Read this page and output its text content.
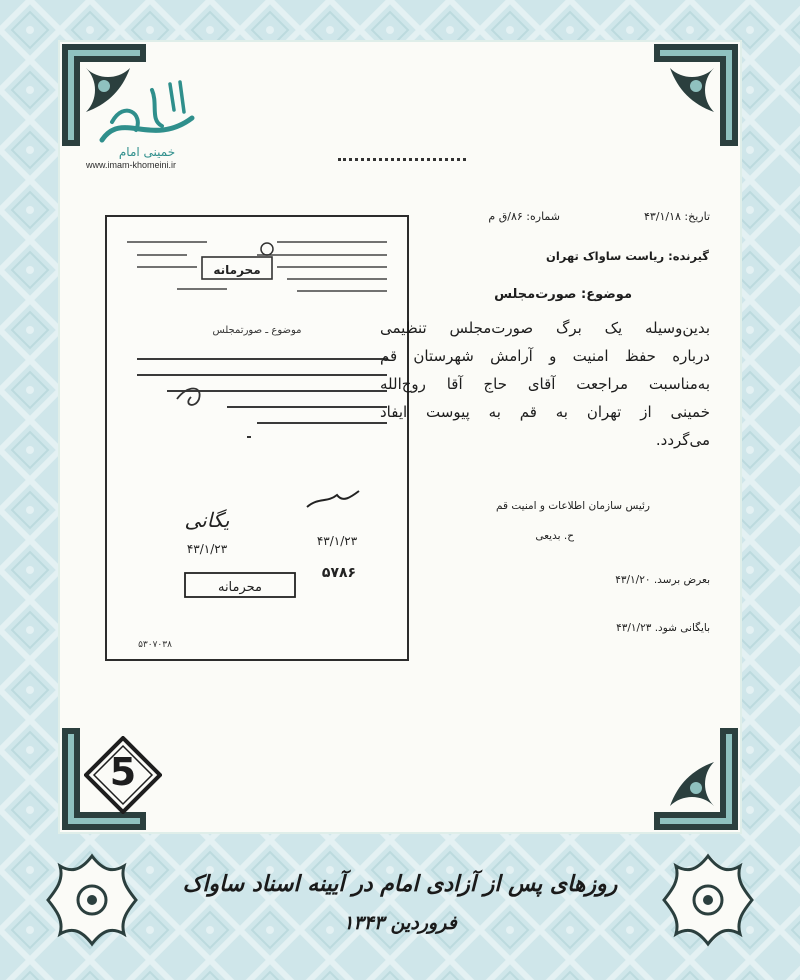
خمینی امام
www.imam-khomeini.ir
محرمانه
موضوع ـ صورتمجلس
۴۳/۱/۲۳
یگانی
۴۳/۱/۲۳
۵۷۸۶
محرمانه
۵۳۰۷۰۳۸
تاریخ: ۴۳/۱/۱۸
شماره: ۸۶/ق م
گیرنده: ریاست ساواک تهران
موضوع: صورت‌مجلس
بدین‌وسیله یک برگ صورت‌مجلس تنظیمی
درباره حفظ امنیت و آرامش شهرستان قم
به‌مناسبت مراجعت آقای حاج آقا روح‌الله
خمینی از تهران به قم به پیوست ایفاد
می‌گردد.
رئیس سازمان اطلاعات و امنیت قم
ح. بدیعی
بعرض برسد. ۴۳/۱/۲۰
بایگانی شود. ۴۳/۱/۲۳
5
روزهای پس از آزادی امام در آیینه اسناد ساواک
فروردین ۱۳۴۳
